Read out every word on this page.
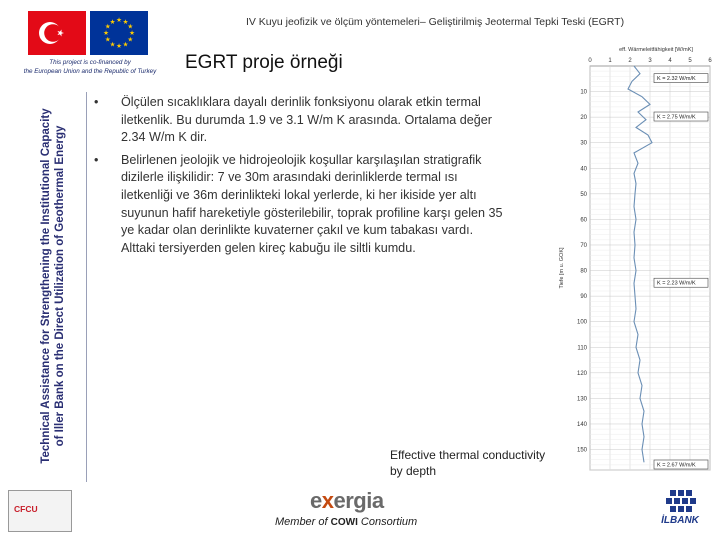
IV Kuyu jeofizik ve ölçüm yöntemeleri– Geliştirilmiş Jeotermal Tepki Teski (EGRT)
★ ★
★
★
★
★
★
★
★
★
★
★
This project is co-financed by
the European Union and the Republic of Turkey	EGRT proje örneği
Technical Assistance for Strengthening the Institutional Capacity of Iller Bank on the Direct Utilization of Geothermal Energy
• Ölçülen sıcaklıklara dayalı derinlik fonksiyonu olarak etkin termal iletkenlik. Bu durumda 1.9 ve 3.1 W/m K arasında. Ortalama değer 2.34 W/m K dir.
• Belirlenen jeolojik ve hidrojeolojik koşullar karşılaşılan stratigrafik dizilerle ilişkilidir: 7 ve 30m arasındaki derinliklerde termal ısı iletkenliği ve 36m derinlikteki lokal yerlerde, ki her ikiside yer altı suyunun hafif hareketiyle gösterilebilir, toprak profiline karşı gelen 35 ye kadar olan derinlikte kuvaterner çakıl ve kum tabakası vardı. Alttaki tersiyerden gelen kireç kabuğu ile siltli kumdu.
eff. Wärmeleitfähigkeit [W/mK]
0	1	2	3	4	5	6
10
20
30
40
50
60
70
80
90
100
110
120
130
140
150
Tiefe [m u. GOK]
K = 2.32 W/m/K
K = 2.75 W/m/K
K = 2.23 W/m/K
K = 2.67 W/m/K
Effective thermal conductivity by depth
CFCU	exergia
Member of COWI Consortium	İLBANK
